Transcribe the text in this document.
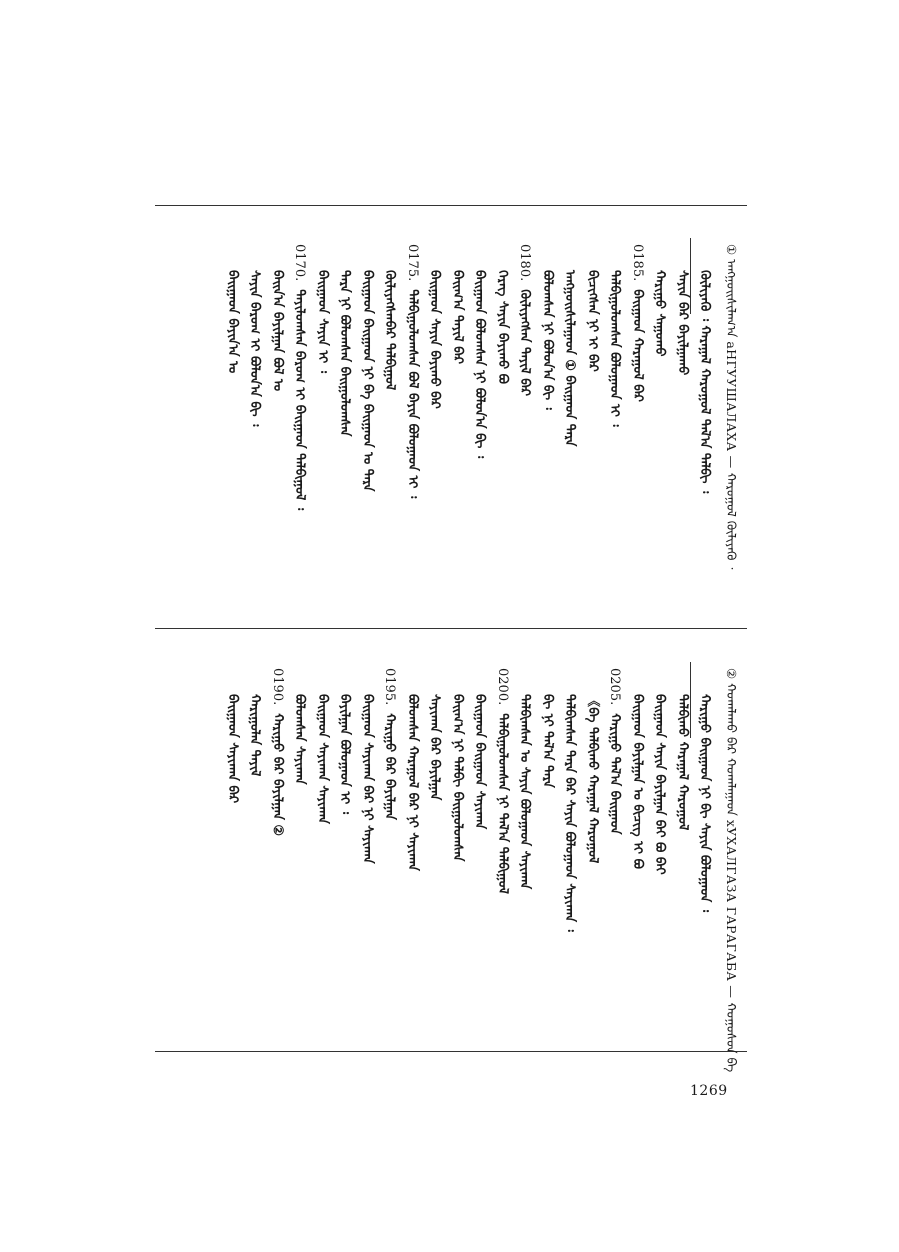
① ᠠᠩᠭ᠋ᠤᠢᠰᠢᠯᠠᠬ᠎ᠠ аНГУУШАЛАХА — ᠬᠠᠷᠤᠭᠤᠯ ᠬᠦᠯᠢᠶᠡᠬᠦ ᠂
ᠬᠦᠯᠢᠶᠡᠬᠦ ᠄ ᠬᠠᠷᠠᠭᠠᠯ ᠬᠠᠷᠤᠭᠤᠯ ᠲᠠᠯ᠎ᠠ ᠲᠠᠯᠪᠢ ᠄
ᠰᠠᠶᠢᠨ ᠪᠡᠷ ᠪᠠᠶᠢᠯᠭᠠᠬᠤ
ᠬᠠᠷᠢᠭᠤ ᠰᠠᠭᠤᠬᠤ
0185.ᠪᠠᠢᠭᠠᠳ ᠬᠠᠷᠠᠭᠤᠯ ᠪᠠᠷ
ᠲᠠᠯᠪᠢᠭᠤᠯᠤᠭᠰᠠᠨ ᠪᠣᠯᠤᠭᠠᠳ ᠢ ᠄
ᠪᠢᠴᠢᠭᠰᠡᠨ ᠨᠢ ᠢ ᠪᠠᠷ
ᠠᠩᠭ᠋ᠤᠢᠰᠢᠯᠠᠭᠠᠳ ① ᠪᠠᠢᠭᠠᠳ ᠲᠡᠷᠡ
ᠪᠣᠯᠤᠭᠰᠠᠨ ᠨᠢ ᠪᠣᠯᠤᠨ᠎ᠠ ᠪᠢ ᠄
0180.ᠬᠦᠯᠢᠶᠡᠭᠰᠡᠨ ᠲᠠᠶᠢᠯ ᠪᠠᠷ
ᠬᠡᠷᠡᠭ ᠰᠠᠶᠢᠨ ᠪᠠᠶᠢᠬᠤ ᠪᠣ
ᠪᠠᠢᠭᠠᠳ ᠪᠣᠯᠤᠭᠰᠠᠨ ᠨᠢ ᠪᠣᠯᠤᠨ᠎ᠠ ᠪᠢ ᠄
ᠪᠠᠢᠭ᠎ᠠ ᠲᠠᠶᠢᠯ ᠪᠠᠷ
ᠪᠠᠢᠭᠠᠳ ᠰᠠᠶᠢᠨ ᠪᠠᠶᠢᠬᠤ ᠪᠠᠷ
0175.ᠲᠠᠯᠪᠢᠭᠤᠯᠤᠭᠰᠠᠨ ᠪᠣᠯ ᠪᠠᠶᠢᠨ ᠪᠣᠯᠤᠭᠠᠳ ᠢ ᠄
ᠬᠦᠯᠢᠶᠡᠭᠰᠡᠨᠪᠠᠷ ᠲᠠᠯᠪᠢᠭᠤᠯ
ᠪᠠᠢᠭᠠᠳ ᠪᠠᠢᠭᠠᠳ ᠨᠢ ᠪᠠ ᠪᠠᠢᠭᠠᠳ ᠣ ᠲᠡᠷᠡ
ᠲᠡᠷᠡ ᠨᠢ ᠪᠣᠯᠤᠭᠰᠠᠨ ᠪᠠᠢᠭᠤᠯᠤᠭᠰᠠᠨ
ᠪᠠᠢᠭᠠᠳ ᠰᠠᠶᠢᠨ ᠢ ᠄
0170.ᠲᠠᠶᠢᠯᠤᠭᠰᠠᠨ ᠪᠠᠷᠤᠭ ᠢ ᠪᠠᠢᠭᠠᠳ ᠲᠠᠯᠪᠢᠭᠤᠯ ᠄
ᠪᠠᠢᠨ᠎ᠠ ᠪᠠᠶᠢᠯᠭᠠᠨ ᠪᠣᠯ ᠣ
ᠰᠠᠶᠢᠨ ᠪᠠᠷᠤᠭ ᠢ ᠪᠣᠯᠤᠨ᠎ᠠ ᠪᠢ ᠄
ᠪᠠᠢᠭᠠᠳ ᠪᠠᠶᠢᠨ᠎ᠠ ᠣ
② ᠬᠤᠬᠠᠯᠠᠬᠤ ᠪᠠᠷ ᠬᠤᠬᠠᠯᠠᠭᠠᠳ хУХАЛГАЗА ГАРАГАБА — ᠬᠣᠭᠤᠰᠤᠨ ᠪᠠ
ᠬᠠᠷᠢᠭᠤ ᠪᠠᠢᠭᠠᠳ ᠨᠢ ᠪᠢ ᠰᠠᠶᠢᠨ ᠪᠣᠯᠤᠭᠠᠳ ᠄
ᠲᠠᠯᠪᠢᠬᠤ ᠬᠠᠷᠠᠭᠠᠯ ᠬᠠᠷᠤᠭᠤᠯ
ᠪᠠᠢᠭᠠᠳ ᠰᠠᠶᠢᠨ ᠪᠠᠶᠢᠯᠭᠠᠨ ᠪᠠᠢ ᠪᠣ ᠪᠠᠢ
ᠪᠠᠢᠭᠠᠳ ᠪᠠᠶᠢᠯᠭᠠᠨ ᠣ ᠪᠢᠴᠢᠭ ᠢ ᠪᠣ
0205.ᠬᠠᠷᠢᠭᠤ ᠲᠠᠯ᠎ᠠ ᠪᠠᠢᠭᠠᠳ
《ᠪᠠ ᠲᠠᠯᠪᠢᠬᠤ ᠬᠠᠷᠠᠭᠠᠯ ᠬᠠᠷᠤᠭᠤᠯ
ᠲᠠᠯᠪᠢᠭᠰᠠᠨ ᠲᠡᠷᠡ ᠪᠠᠷ ᠰᠠᠶᠢᠨ ᠪᠣᠯᠤᠭᠠᠳ ᠰᠠᠶᠢᠬᠠᠨ ᠄
ᠪᠢ ᠨᠢ ᠲᠠᠯ᠎ᠠ ᠲᠡᠷᠡ
ᠲᠠᠯᠪᠢᠭᠰᠠᠨ ᠣ ᠰᠠᠶᠢᠨ ᠪᠣᠯᠤᠭᠠᠳ ᠰᠠᠶᠢᠬᠠᠨ
0200.ᠲᠠᠯᠪᠢᠭᠤᠯᠤᠭᠰᠠᠨ ᠨᠢ ᠲᠠᠯ᠎ᠠ ᠲᠠᠯᠪᠢᠭᠤᠯ
ᠪᠠᠢᠭᠠᠳ ᠪᠠᠢᠭᠠᠳ ᠰᠠᠶᠢᠬᠠᠨ
ᠪᠠᠢᠭ᠎ᠠ ᠨᠢ ᠲᠠᠯᠪᠢ ᠪᠠᠢᠭᠤᠯᠤᠭᠰᠠᠨ
ᠰᠠᠶᠢᠬᠠᠨ ᠪᠠᠷ ᠪᠠᠶᠢᠯᠭᠠᠨ
ᠪᠣᠯᠤᠭᠰᠠᠨ ᠬᠠᠷᠠᠭᠤᠯ ᠪᠠᠷ ᠨᠢ ᠰᠠᠶᠢᠬᠠᠨ
0195.ᠬᠠᠷᠢᠭᠤ ᠪᠠᠷ ᠪᠠᠶᠢᠯᠭᠠᠨ
ᠪᠠᠢᠭᠠᠳ ᠰᠠᠶᠢᠬᠠᠨ ᠪᠠᠷ ᠨᠢ ᠰᠠᠶᠢᠬᠠᠨ
ᠪᠠᠶᠢᠯᠭᠠᠨ ᠪᠣᠯᠤᠭᠠᠳ ᠢ ᠄
ᠪᠠᠢᠭᠠᠳ ᠰᠠᠶᠢᠬᠠᠨ ᠰᠠᠶᠢᠬᠠᠨ
ᠪᠣᠯᠤᠭᠰᠠᠨ ᠰᠠᠶᠢᠬᠠᠨ
0190.ᠬᠠᠷᠢᠭᠤ ᠪᠠᠷ ᠪᠠᠶᠢᠯᠭᠠᠨ ②
ᠬᠠᠷᠢᠭᠤᠯᠠᠨ ᠲᠠᠶᠢᠯ
ᠪᠠᠢᠭᠠᠳ ᠰᠠᠶᠢᠬᠠᠨ ᠪᠠᠷ
1269
